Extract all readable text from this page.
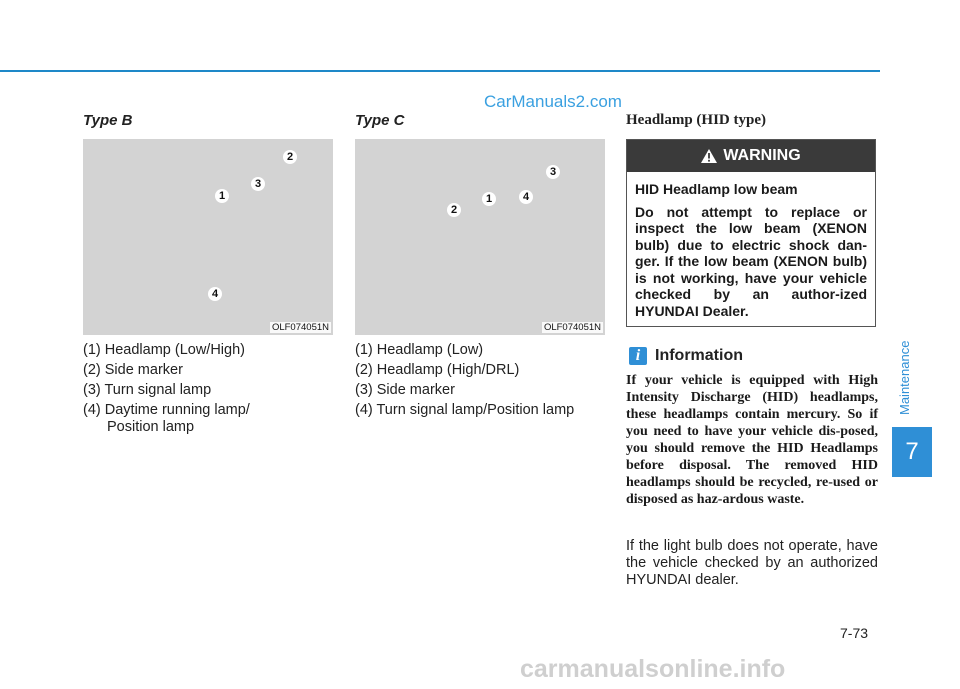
CarManuals2.com
Type B
2
3
1
4
OLF074051N
(1) Headlamp (Low/High)
(2) Side marker
(3) Turn signal lamp
(4) Daytime running lamp/
Position lamp
Type C
3
4
1
2
OLF074051N
(1) Headlamp (Low)
(2) Headlamp (High/DRL)
(3) Side marker
(4) Turn signal lamp/Position lamp
Headlamp (HID type)
WARNING

HID Headlamp low beam

Do not attempt to replace or inspect the low beam (XENON bulb) due to electric shock dan-ger. If the low beam (XENON bulb) is not working, have your vehicle checked by an author-ized HYUNDAI Dealer.

i Information

If your vehicle is equipped with High Intensity Discharge (HID) headlamps, these headlamps contain mercury. So if you need to have your vehicle dis-posed, you should remove the HID Headlamps before disposal. The removed HID headlamps should be recycled, re-used or disposed as haz-ardous waste.

If the light bulb does not operate, have the vehicle checked by an authorized HYUNDAI dealer.

Maintenance
7
7-73
carmanualsonline.info
